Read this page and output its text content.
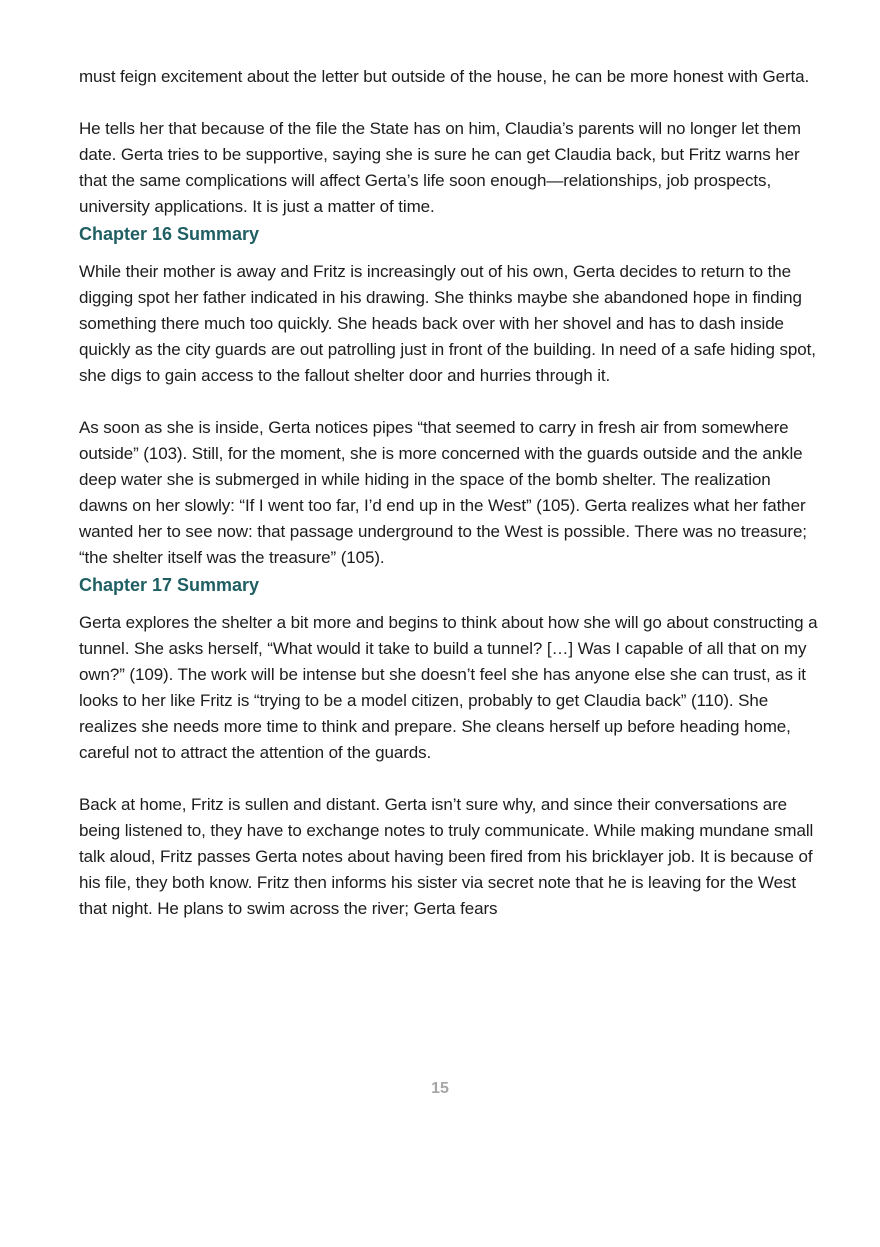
must feign excitement about the letter but outside of the house, he can be more honest with Gerta.

He tells her that because of the file the State has on him, Claudia’s parents will no longer let them date. Gerta tries to be supportive, saying she is sure he can get Claudia back, but Fritz warns her that the same complications will affect Gerta’s life soon enough—relationships, job prospects, university applications. It is just a matter of time.

Chapter 16 Summary

While their mother is away and Fritz is increasingly out of his own, Gerta decides to return to the digging spot her father indicated in his drawing. She thinks maybe she abandoned hope in finding something there much too quickly. She heads back over with her shovel and has to dash inside quickly as the city guards are out patrolling just in front of the building. In need of a safe hiding spot, she digs to gain access to the fallout shelter door and hurries through it.

As soon as she is inside, Gerta notices pipes “that seemed to carry in fresh air from somewhere outside” (103). Still, for the moment, she is more concerned with the guards outside and the ankle deep water she is submerged in while hiding in the space of the bomb shelter. The realization dawns on her slowly: “If I went too far, I’d end up in the West” (105). Gerta realizes what her father wanted her to see now: that passage underground to the West is possible. There was no treasure; “the shelter itself was the treasure” (105).

Chapter 17 Summary

Gerta explores the shelter a bit more and begins to think about how she will go about constructing a tunnel. She asks herself, “What would it take to build a tunnel? […] Was I capable of all that on my own?” (109). The work will be intense but she doesn’t feel she has anyone else she can trust, as it looks to her like Fritz is “trying to be a model citizen, probably to get Claudia back” (110). She realizes she needs more time to think and prepare. She cleans herself up before heading home, careful not to attract the attention of the guards.

Back at home, Fritz is sullen and distant. Gerta isn’t sure why, and since their conversations are being listened to, they have to exchange notes to truly communicate. While making mundane small talk aloud, Fritz passes Gerta notes about having been fired from his bricklayer job. It is because of his file, they both know. Fritz then informs his sister via secret note that he is leaving for the West that night. He plans to swim across the river; Gerta fears

15
